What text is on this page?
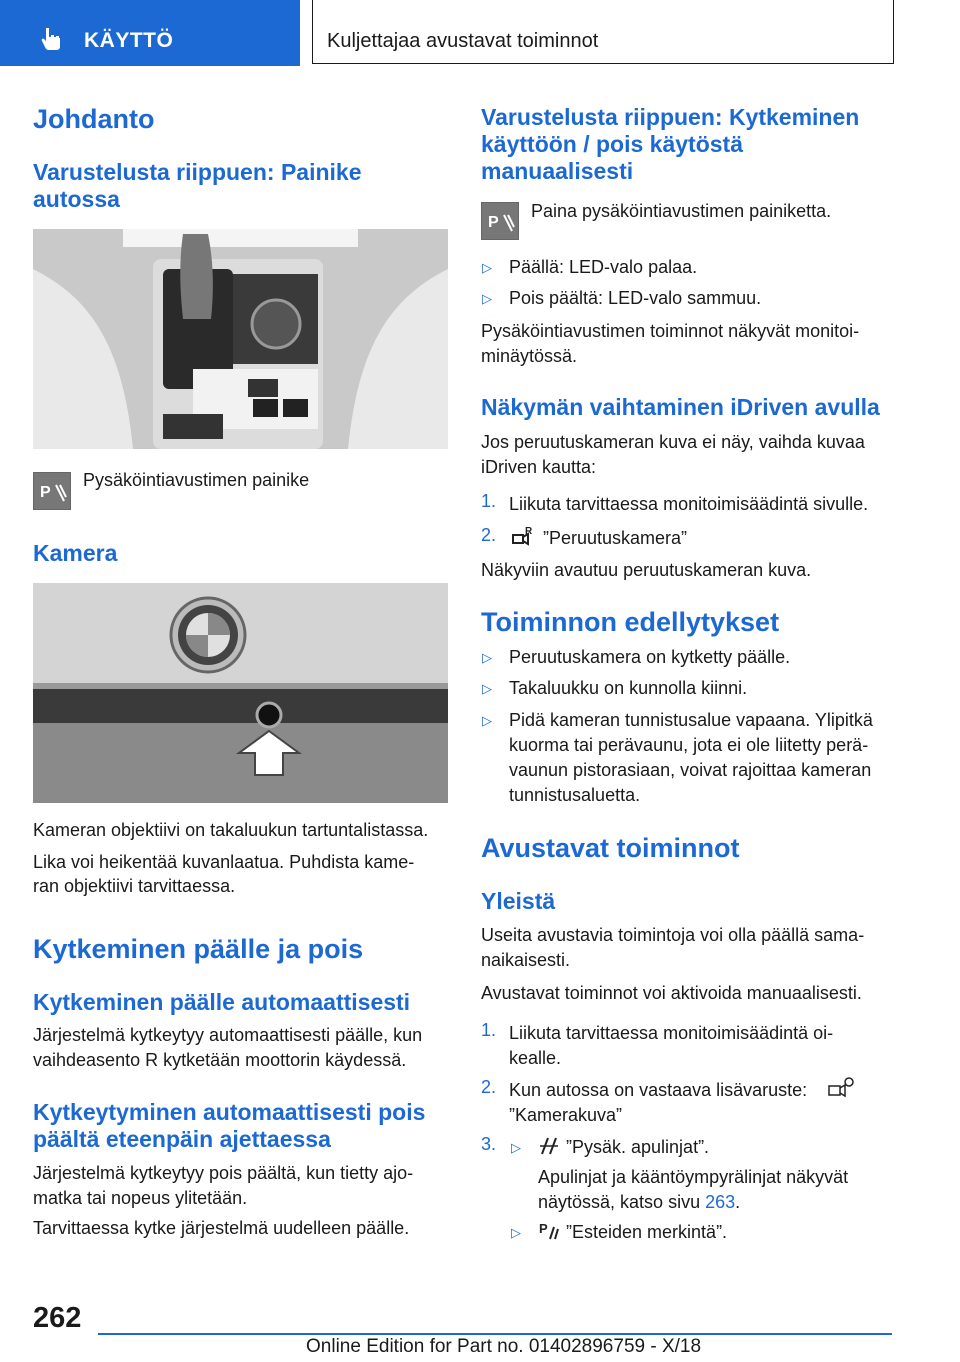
KÄYTTÖ	Kuljettajaa avustavat toiminnot
Johdanto
Varustelusta riippuen: Painike autossa
P
Pysäköintiavustimen painike
Kamera
Kameran objektiivi on takaluukun tartuntalistassa.
Lika voi heikentää kuvanlaatua. Puhdista kame-
ran objektiivi tarvittaessa.
Kytkeminen päälle ja pois
Kytkeminen päälle automaattisesti
Järjestelmä kytkeytyy automaattisesti päälle, kun
vaihdeasento R kytketään moottorin käydessä.
Kytkeytyminen automaattisesti pois
päältä eteenpäin ajettaessa
Järjestelmä kytkeytyy pois päältä, kun tietty ajo-
matka tai nopeus ylitetään.
Tarvittaessa kytke järjestelmä uudelleen päälle.
Varustelusta riippuen: Kytkeminen
käyttöön / pois käytöstä
manuaalisesti
P
Paina pysäköintiavustimen painiketta.
▷ Päällä: LED-valo palaa.
▷ Pois päältä: LED-valo sammuu.
Pysäköintiavustimen toiminnot näkyvät monitoi-
minäytössä.
Näkymän vaihtaminen iDriven avulla
Jos peruutuskameran kuva ei näy, vaihda kuvaa
iDriven kautta:
1. Liikuta tarvittaessa monitoimisäädintä sivulle.
2.	R ”Peruutuskamera”
Näkyviin avautuu peruutuskameran kuva.
Toiminnon edellytykset
▷ Peruutuskamera on kytketty päälle.
▷ Takaluukku on kunnolla kiinni.
▷ Pidä kameran tunnistusalue vapaana. Ylipitkä
kuorma tai perävaunu, jota ei ole liitetty perä-
vaunun pistorasiaan, voivat rajoittaa kameran
tunnistusaluetta.
Avustavat toiminnot
Yleistä
Useita avustavia toimintoja voi olla päällä sama-
naikaisesti.
Avustavat toiminnot voi aktivoida manuaalisesti.
1. Liikuta tarvittaessa monitoimisäädintä oi-
kealle.
2. Kun autossa on vastaava lisävaruste:
”Kamerakuva”
3. ▷	”Pysäk. apulinjat”.
Apulinjat ja kääntöympyrälinjat näkyvät
näytössä, katso sivu 263.
▷ P ”Esteiden merkintä”.
262
Online Edition for Part no. 01402896759 - X/18
